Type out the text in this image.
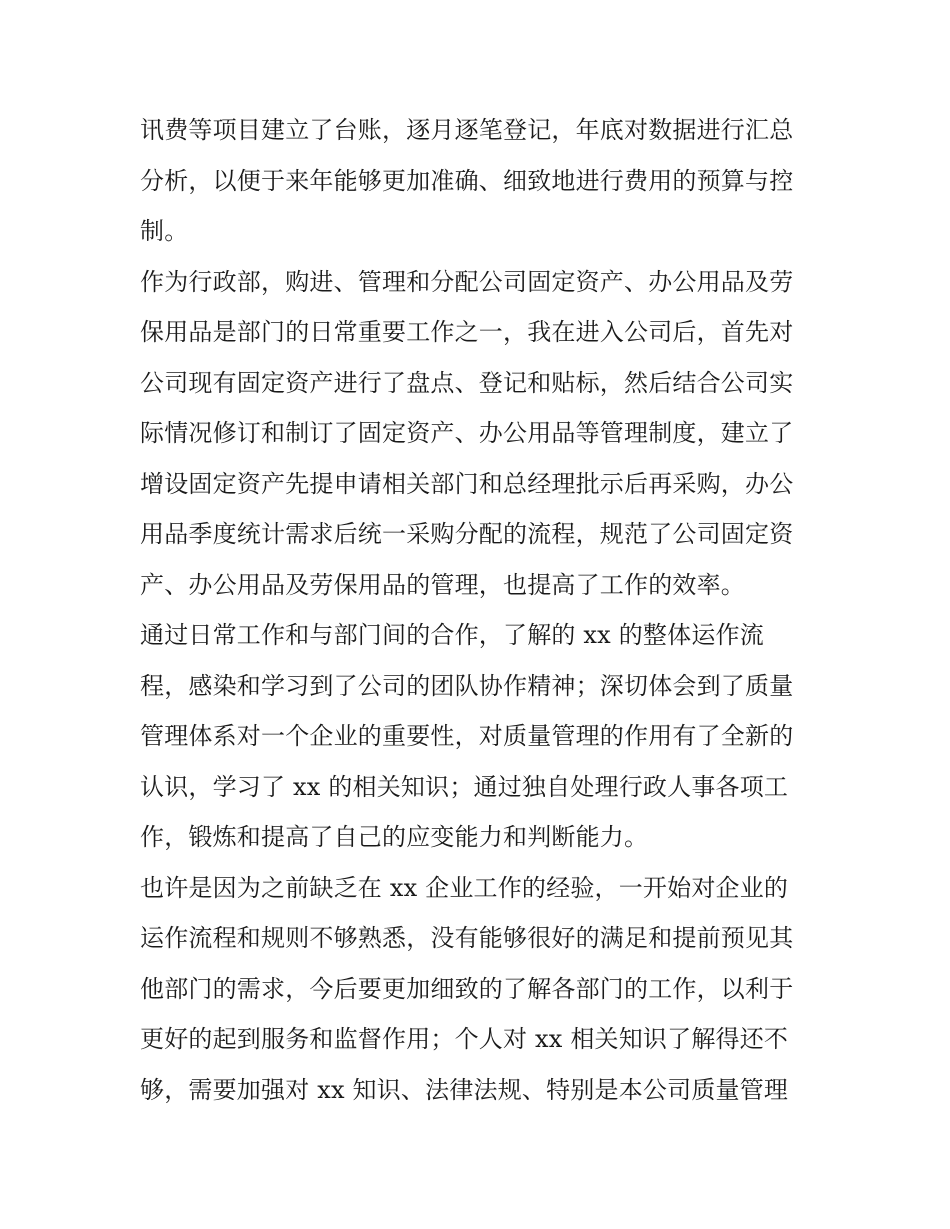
讯费等项目建立了台账，逐月逐笔登记，年底对数据进行汇总
分析，以便于来年能够更加准确、细致地进行费用的预算与控
制。
作为行政部，购进、管理和分配公司固定资产、办公用品及劳
保用品是部门的日常重要工作之一，我在进入公司后，首先对
公司现有固定资产进行了盘点、登记和贴标，然后结合公司实
际情况修订和制订了固定资产、办公用品等管理制度，建立了
增设固定资产先提申请相关部门和总经理批示后再采购，办公
用品季度统计需求后统一采购分配的流程，规范了公司固定资
产、办公用品及劳保用品的管理，也提高了工作的效率。
通过日常工作和与部门间的合作，了解的 xx 的整体运作流
程，感染和学习到了公司的团队协作精神；深切体会到了质量
管理体系对一个企业的重要性，对质量管理的作用有了全新的
认识，学习了 xx 的相关知识；通过独自处理行政人事各项工
作，锻炼和提高了自己的应变能力和判断能力。
也许是因为之前缺乏在 xx 企业工作的经验，一开始对企业的
运作流程和规则不够熟悉，没有能够很好的满足和提前预见其
他部门的需求，今后要更加细致的了解各部门的工作，以利于
更好的起到服务和监督作用；个人对 xx 相关知识了解得还不
够，需要加强对 xx 知识、法律法规、特别是本公司质量管理
